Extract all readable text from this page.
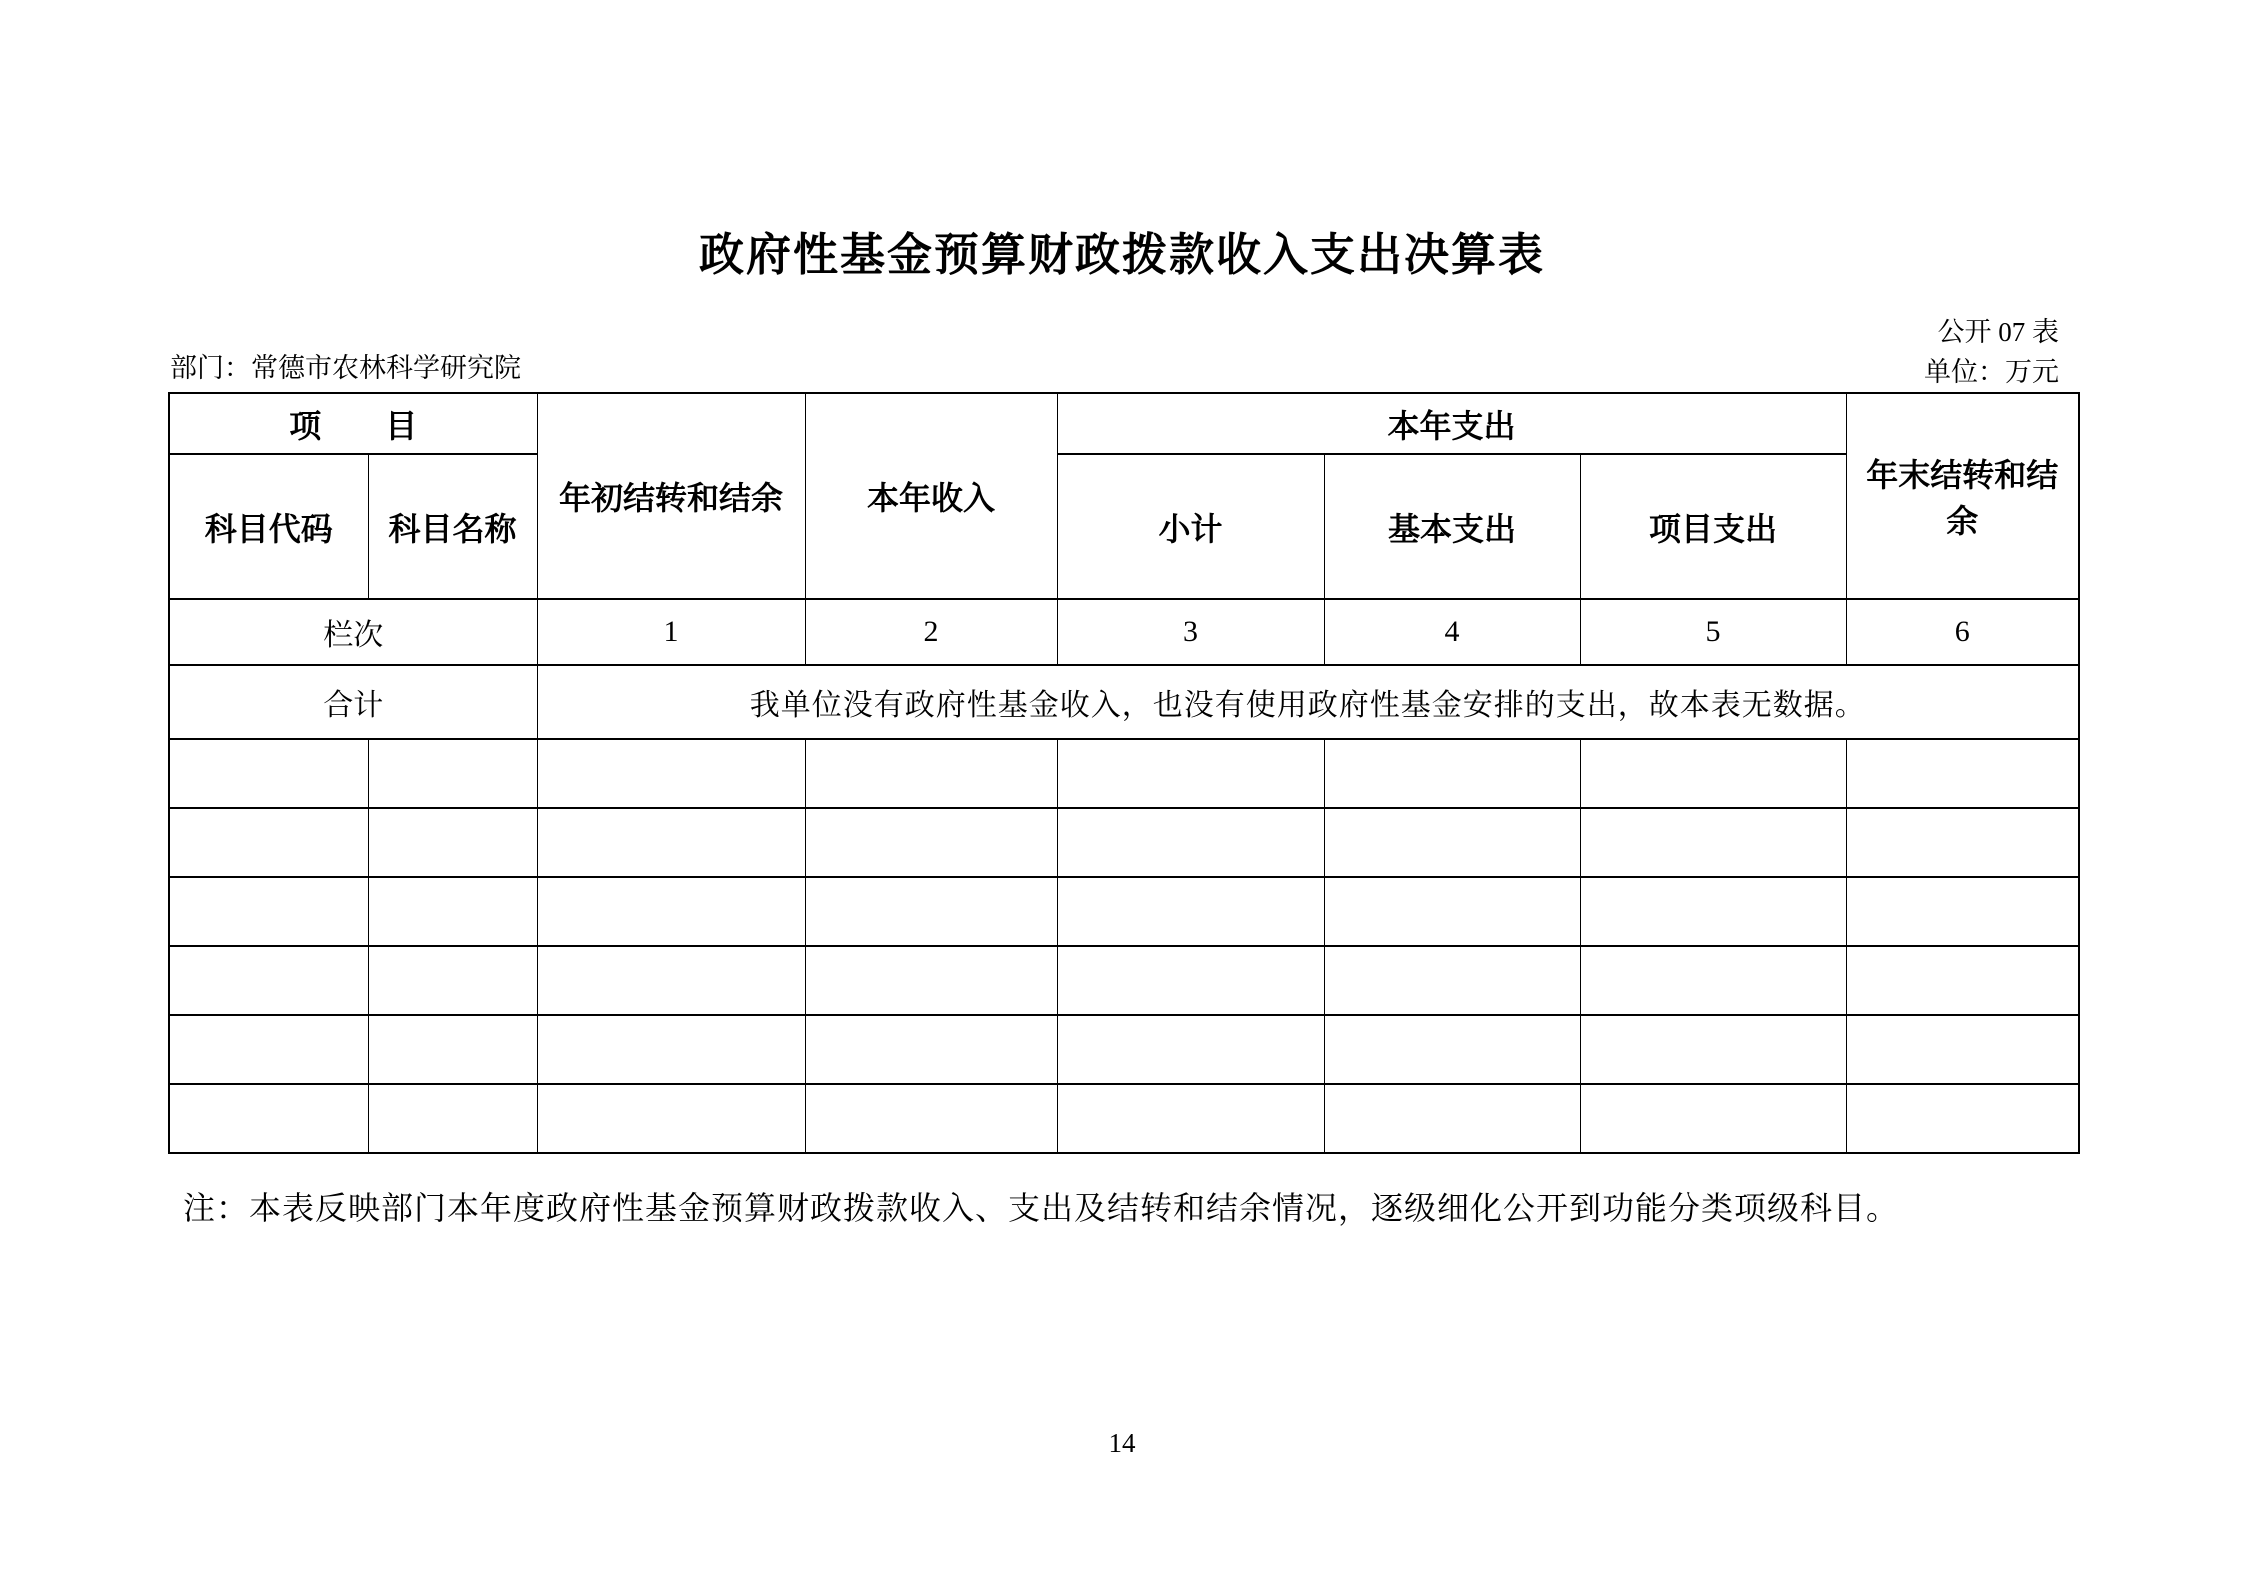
政府性基金预算财政拨款收入支出决算表
公开 07 表
部门：常德市农林科学研究院	单位：万元
项　　目		年初结转和结余	本年收入	本年支出			年末结转和结余
科目代码	科目名称			小计	基本支出	项目支出	
栏次		1	2	3	4	5	6
合计		我单位没有政府性基金收入，也没有使用政府性基金安排的支出，故本表无数据。					

注：本表反映部门本年度政府性基金预算财政拨款收入、支出及结转和结余情况，逐级细化公开到功能分类项级科目。
14
